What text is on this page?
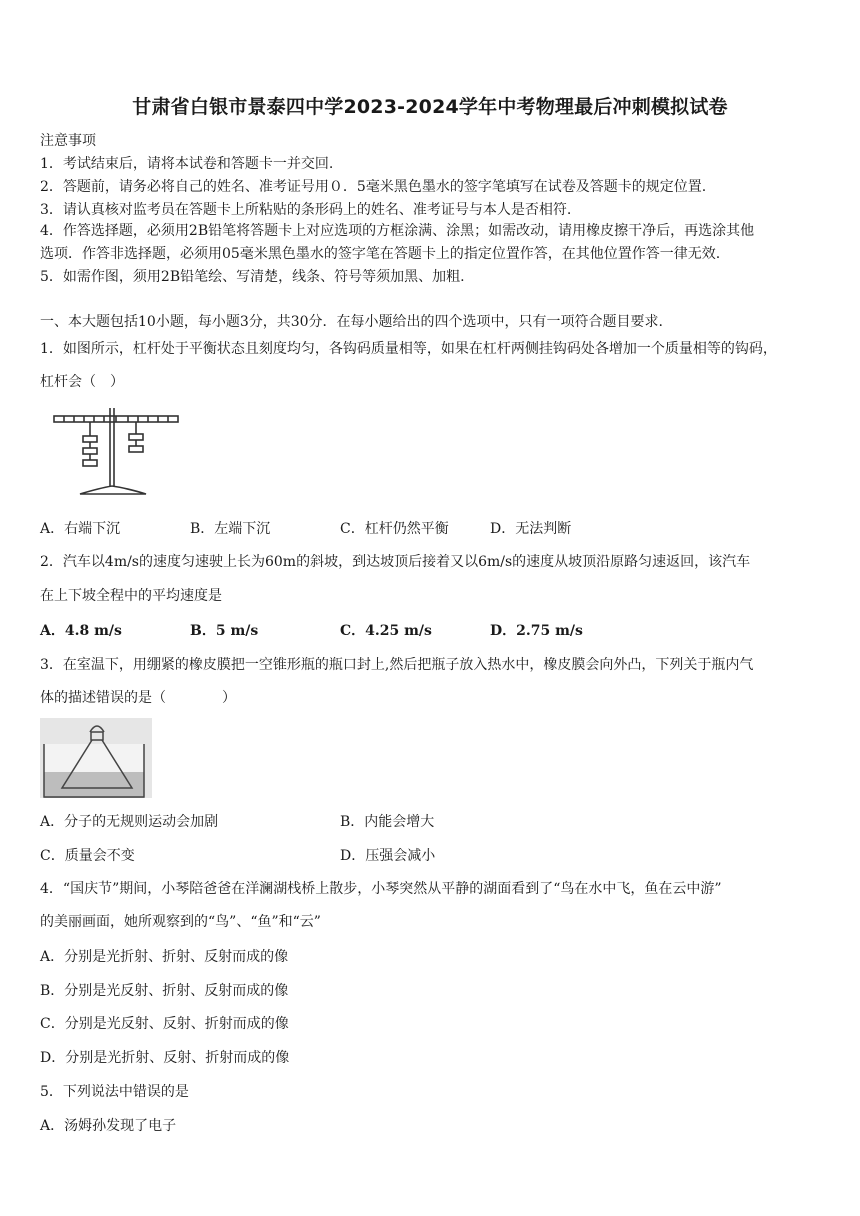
甘肃省白银市景泰四中学2023-2024学年中考物理最后冲刺模拟试卷
注意事项
1．考试结束后，请将本试卷和答题卡一并交回.
2．答题前，请务必将自己的姓名、准考证号用０．5毫米黑色墨水的签字笔填写在试卷及答题卡的规定位置.
3．请认真核对监考员在答题卡上所粘贴的条形码上的姓名、准考证号与本人是否相符.
4．作答选择题，必须用2B铅笔将答题卡上对应选项的方框涂满、涂黑；如需改动，请用橡皮擦干净后，再选涂其他
选项．作答非选择题，必须用05毫米黑色墨水的签字笔在答题卡上的指定位置作答，在其他位置作答一律无效.
5．如需作图，须用2B铅笔绘、写清楚，线条、符号等须加黑、加粗.
一、本大题包括10小题，每小题3分，共30分．在每小题给出的四个选项中，只有一项符合题目要求.
1．如图所示，杠杆处于平衡状态且刻度均匀，各钩码质量相等，如果在杠杆两侧挂钩码处各增加一个质量相等的钩码，
杠杆会（　）
A．右端下沉	B．左端下沉	C．杠杆仍然平衡	D．无法判断
2．汽车以4m/s的速度匀速驶上长为60m的斜坡，到达坡顶后接着又以6m/s的速度从坡顶沿原路匀速返回，该汽车
在上下坡全程中的平均速度是
A．4.8 m/s	B．5 m/s	C．4.25 m/s	D．2.75 m/s
3．在室温下，用绷紧的橡皮膜把一空锥形瓶的瓶口封上,然后把瓶子放入热水中，橡皮膜会向外凸，下列关于瓶内气
体的描述错误的是（　　　　）
A．分子的无规则运动会加剧	B．内能会增大
C．质量会不变	D．压强会减小
4．“国庆节”期间，小琴陪爸爸在洋澜湖栈桥上散步，小琴突然从平静的湖面看到了“鸟在水中飞，鱼在云中游”
的美丽画面，她所观察到的“鸟”、“鱼”和“云”
A．分别是光折射、折射、反射而成的像
B．分别是光反射、折射、反射而成的像
C．分别是光反射、反射、折射而成的像
D．分别是光折射、反射、折射而成的像
5．下列说法中错误的是
A．汤姆孙发现了电子
